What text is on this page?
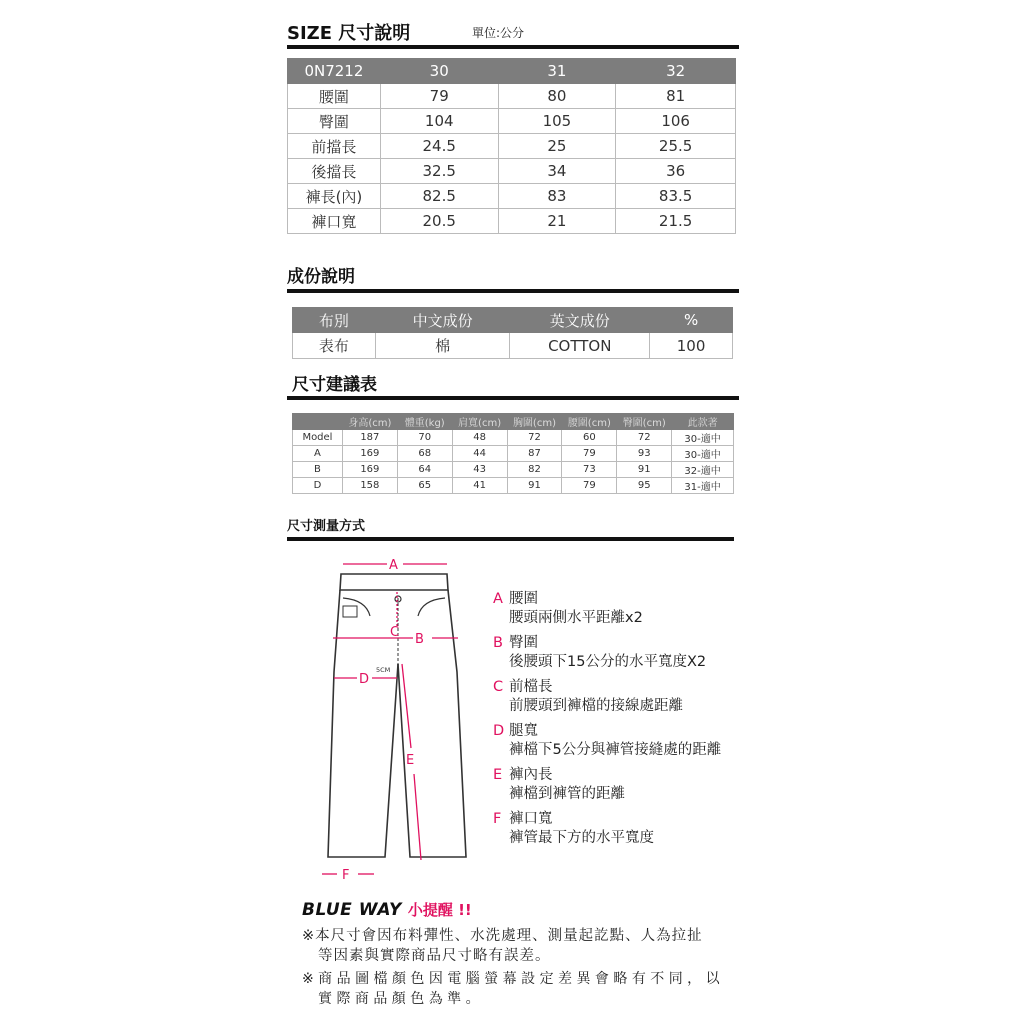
SIZE 尺寸說明	單位:公分
0N7212	30	31	32
腰圍	79	80	81
臀圍	104	105	106
前擋長	24.5	25	25.5
後擋長	32.5	34	36
褲長(內)	82.5	83	83.5
褲口寬	20.5	21	21.5
成份說明
布別	中文成份	英文成份	%
表布	棉	COTTON	100
尺寸建議表
	身高(cm)	體重(kg)	肩寬(cm)	胸圍(cm)	腰圍(cm)	臀圍(cm)	此款著
Model	187	70	48	72	60	72	30-適中
A	169	68	44	87	79	93	30-適中
B	169	64	43	82	73	91	32-適中
D	158	65	41	91	79	95	31-適中
尺寸測量方式
A
B
C
D
E
F
5CM
A 腰圍
腰頭兩側水平距離x2
B 臀圍
後腰頭下15公分的水平寬度X2
C 前檔長
前腰頭到褲檔的接線處距離
D 腿寬
褲檔下5公分與褲管接縫處的距離
E 褲內長
褲檔到褲管的距離
F 褲口寬
褲管最下方的水平寬度
BLUE WAY 小提醒 !!
※本尺寸會因布料彈性、水洗處理、測量起訖點、人為拉扯
等因素與實際商品尺寸略有誤差。
※ 商 品 圖 檔 顏 色 因 電 腦 螢 幕 設 定 差 異 會 略 有 不 同 ， 以
實 際 商 品 顏 色 為 準 。
